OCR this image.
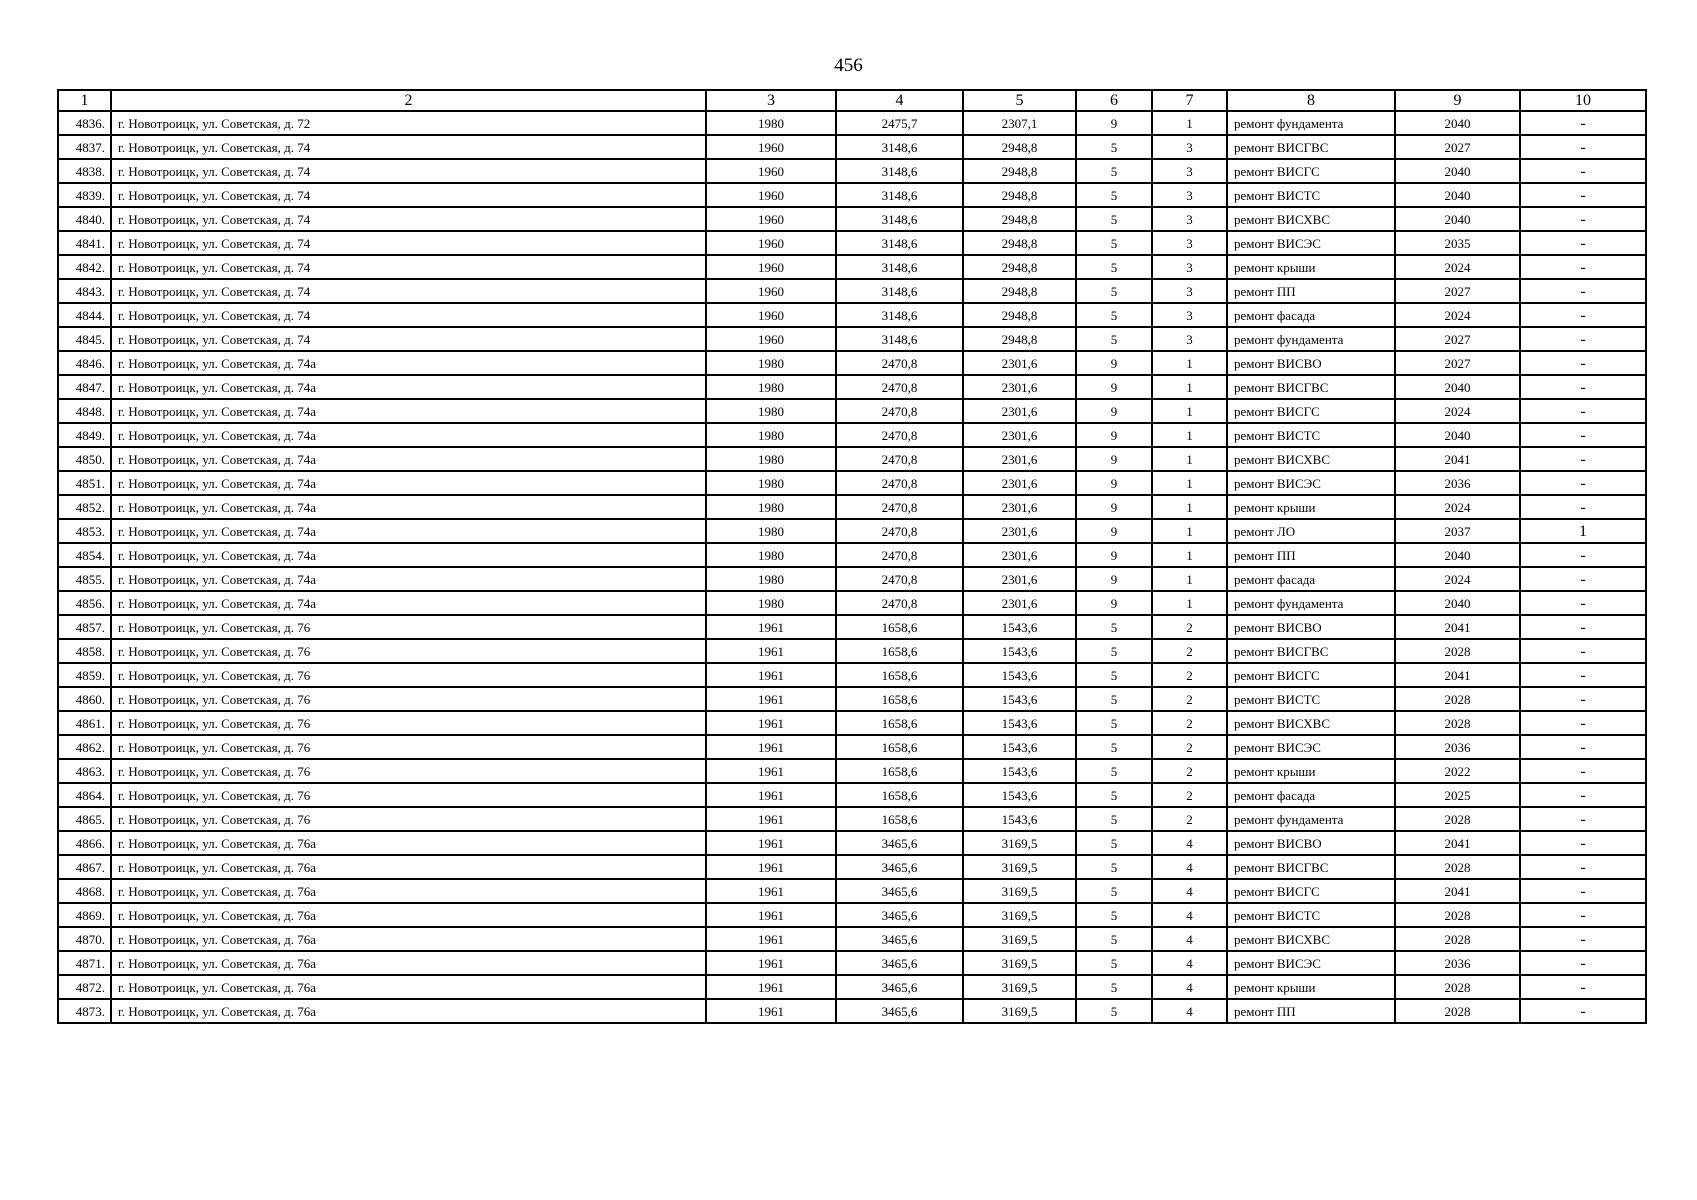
456
1	2	3	4	5	6	7	8	9	10
4836.	г. Новотроицк, ул. Советская, д. 72	1980	2475,7	2307,1	9	1	ремонт фундамента	2040	-
4837.	г. Новотроицк, ул. Советская, д. 74	1960	3148,6	2948,8	5	3	ремонт ВИСГВС	2027	-
4838.	г. Новотроицк, ул. Советская, д. 74	1960	3148,6	2948,8	5	3	ремонт ВИСГС	2040	-
4839.	г. Новотроицк, ул. Советская, д. 74	1960	3148,6	2948,8	5	3	ремонт ВИСТС	2040	-
4840.	г. Новотроицк, ул. Советская, д. 74	1960	3148,6	2948,8	5	3	ремонт ВИСХВС	2040	-
4841.	г. Новотроицк, ул. Советская, д. 74	1960	3148,6	2948,8	5	3	ремонт ВИСЭС	2035	-
4842.	г. Новотроицк, ул. Советская, д. 74	1960	3148,6	2948,8	5	3	ремонт крыши	2024	-
4843.	г. Новотроицк, ул. Советская, д. 74	1960	3148,6	2948,8	5	3	ремонт ПП	2027	-
4844.	г. Новотроицк, ул. Советская, д. 74	1960	3148,6	2948,8	5	3	ремонт фасада	2024	-
4845.	г. Новотроицк, ул. Советская, д. 74	1960	3148,6	2948,8	5	3	ремонт фундамента	2027	-
4846.	г. Новотроицк, ул. Советская, д. 74а	1980	2470,8	2301,6	9	1	ремонт ВИСВО	2027	-
4847.	г. Новотроицк, ул. Советская, д. 74а	1980	2470,8	2301,6	9	1	ремонт ВИСГВС	2040	-
4848.	г. Новотроицк, ул. Советская, д. 74а	1980	2470,8	2301,6	9	1	ремонт ВИСГС	2024	-
4849.	г. Новотроицк, ул. Советская, д. 74а	1980	2470,8	2301,6	9	1	ремонт ВИСТС	2040	-
4850.	г. Новотроицк, ул. Советская, д. 74а	1980	2470,8	2301,6	9	1	ремонт ВИСХВС	2041	-
4851.	г. Новотроицк, ул. Советская, д. 74а	1980	2470,8	2301,6	9	1	ремонт ВИСЭС	2036	-
4852.	г. Новотроицк, ул. Советская, д. 74а	1980	2470,8	2301,6	9	1	ремонт крыши	2024	-
4853.	г. Новотроицк, ул. Советская, д. 74а	1980	2470,8	2301,6	9	1	ремонт ЛО	2037	1
4854.	г. Новотроицк, ул. Советская, д. 74а	1980	2470,8	2301,6	9	1	ремонт ПП	2040	-
4855.	г. Новотроицк, ул. Советская, д. 74а	1980	2470,8	2301,6	9	1	ремонт фасада	2024	-
4856.	г. Новотроицк, ул. Советская, д. 74а	1980	2470,8	2301,6	9	1	ремонт фундамента	2040	-
4857.	г. Новотроицк, ул. Советская, д. 76	1961	1658,6	1543,6	5	2	ремонт ВИСВО	2041	-
4858.	г. Новотроицк, ул. Советская, д. 76	1961	1658,6	1543,6	5	2	ремонт ВИСГВС	2028	-
4859.	г. Новотроицк, ул. Советская, д. 76	1961	1658,6	1543,6	5	2	ремонт ВИСГС	2041	-
4860.	г. Новотроицк, ул. Советская, д. 76	1961	1658,6	1543,6	5	2	ремонт ВИСТС	2028	-
4861.	г. Новотроицк, ул. Советская, д. 76	1961	1658,6	1543,6	5	2	ремонт ВИСХВС	2028	-
4862.	г. Новотроицк, ул. Советская, д. 76	1961	1658,6	1543,6	5	2	ремонт ВИСЭС	2036	-
4863.	г. Новотроицк, ул. Советская, д. 76	1961	1658,6	1543,6	5	2	ремонт крыши	2022	-
4864.	г. Новотроицк, ул. Советская, д. 76	1961	1658,6	1543,6	5	2	ремонт фасада	2025	-
4865.	г. Новотроицк, ул. Советская, д. 76	1961	1658,6	1543,6	5	2	ремонт фундамента	2028	-
4866.	г. Новотроицк, ул. Советская, д. 76а	1961	3465,6	3169,5	5	4	ремонт ВИСВО	2041	-
4867.	г. Новотроицк, ул. Советская, д. 76а	1961	3465,6	3169,5	5	4	ремонт ВИСГВС	2028	-
4868.	г. Новотроицк, ул. Советская, д. 76а	1961	3465,6	3169,5	5	4	ремонт ВИСГС	2041	-
4869.	г. Новотроицк, ул. Советская, д. 76а	1961	3465,6	3169,5	5	4	ремонт ВИСТС	2028	-
4870.	г. Новотроицк, ул. Советская, д. 76а	1961	3465,6	3169,5	5	4	ремонт ВИСХВС	2028	-
4871.	г. Новотроицк, ул. Советская, д. 76а	1961	3465,6	3169,5	5	4	ремонт ВИСЭС	2036	-
4872.	г. Новотроицк, ул. Советская, д. 76а	1961	3465,6	3169,5	5	4	ремонт крыши	2028	-
4873.	г. Новотроицк, ул. Советская, д. 76а	1961	3465,6	3169,5	5	4	ремонт ПП	2028	-
